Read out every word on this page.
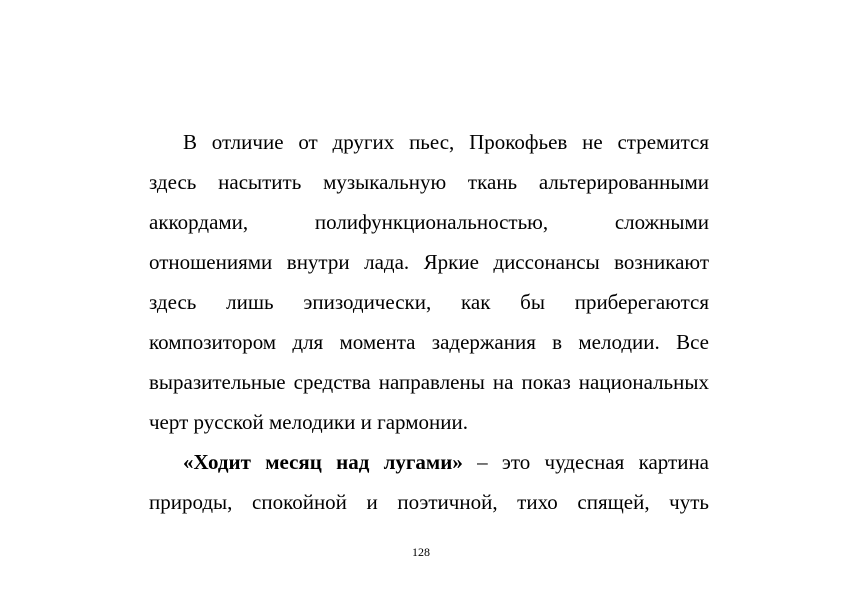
В отличие от других пьес, Прокофьев не стремится
здесь насытить музыкальную ткань альтерированными
аккордами, полифункциональностью, сложными
отношениями внутри лада. Яркие диссонансы возникают
здесь лишь эпизодически, как бы приберегаются
композитором для момента задержания в мелодии. Все
выразительные средства направлены на показ национальных
черт русской мелодики и гармонии.
«Ходит месяц над лугами» – это чудесная картина
природы, спокойной и поэтичной, тихо спящей, чуть
128
